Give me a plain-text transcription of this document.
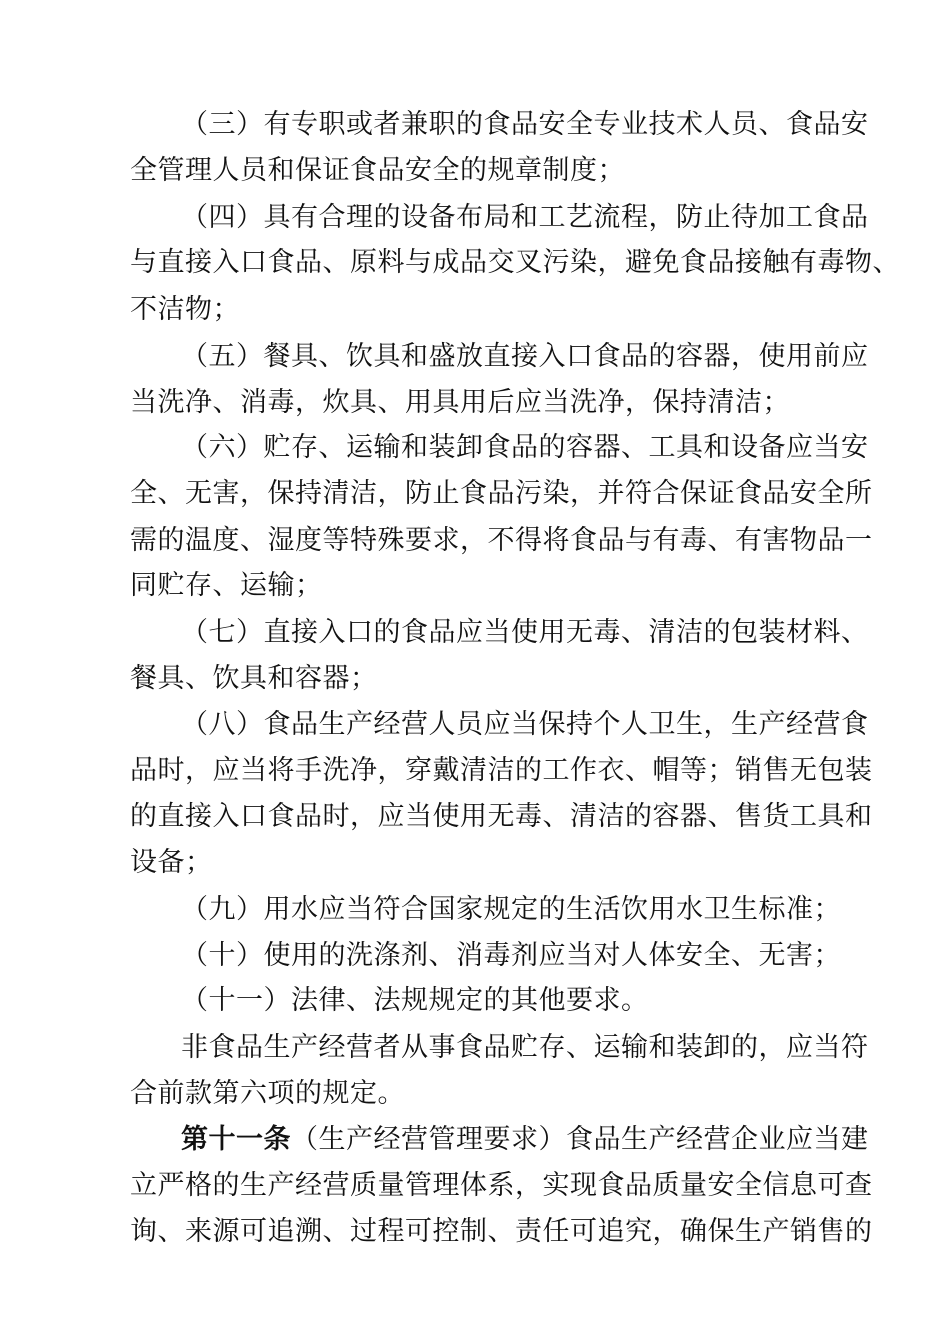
（三）有专职或者兼职的食品安全专业技术人员、食品安
全管理人员和保证食品安全的规章制度；
（四）具有合理的设备布局和工艺流程，防止待加工食品
与直接入口食品、原料与成品交叉污染，避免食品接触有毒物、
不洁物；
（五）餐具、饮具和盛放直接入口食品的容器，使用前应
当洗净、消毒，炊具、用具用后应当洗净，保持清洁；
（六）贮存、运输和装卸食品的容器、工具和设备应当安
全、无害，保持清洁，防止食品污染，并符合保证食品安全所
需的温度、湿度等特殊要求，不得将食品与有毒、有害物品一
同贮存、运输；
（七）直接入口的食品应当使用无毒、清洁的包装材料、
餐具、饮具和容器；
（八）食品生产经营人员应当保持个人卫生，生产经营食
品时，应当将手洗净，穿戴清洁的工作衣、帽等；销售无包装
的直接入口食品时，应当使用无毒、清洁的容器、售货工具和
设备；
（九）用水应当符合国家规定的生活饮用水卫生标准；
（十）使用的洗涤剂、消毒剂应当对人体安全、无害；
（十一）法律、法规规定的其他要求。
非食品生产经营者从事食品贮存、运输和装卸的，应当符
合前款第六项的规定。
第十一条（生产经营管理要求）食品生产经营企业应当建
立严格的生产经营质量管理体系，实现食品质量安全信息可查
询、来源可追溯、过程可控制、责任可追究，确保生产销售的
